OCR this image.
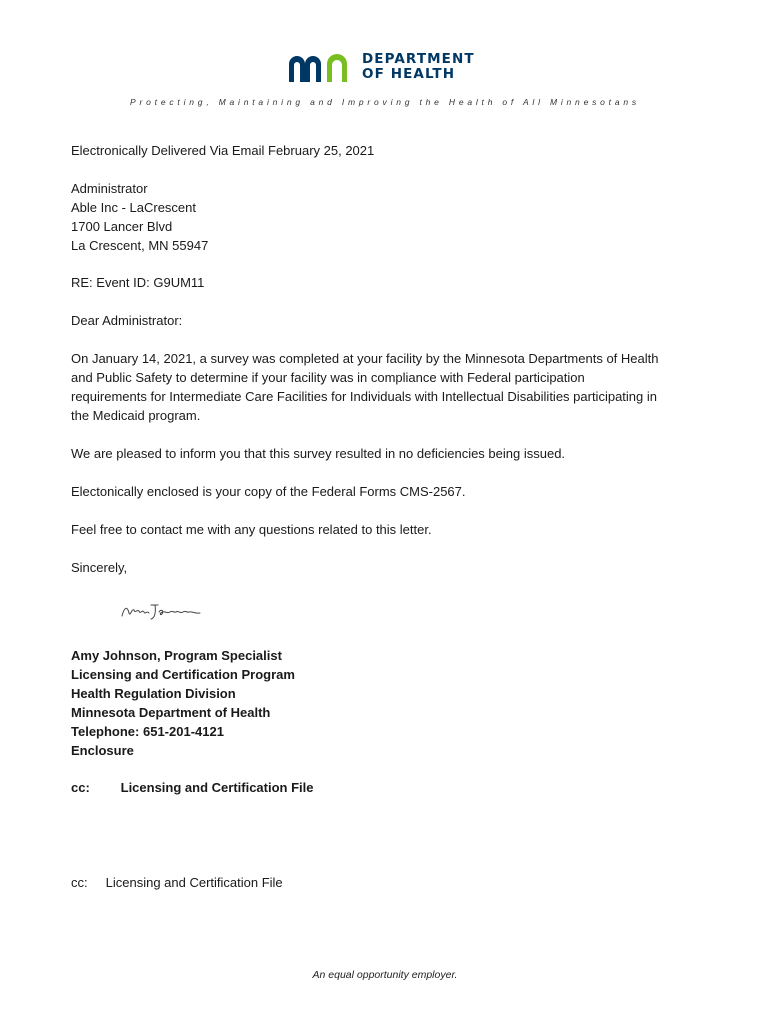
DEPARTMENT
OF HEALTH
Protecting, Maintaining and Improving the Health of All Minnesotans
Electronically Delivered Via Email February 25, 2021
Administrator
Able Inc - LaCrescent
1700 Lancer Blvd
La Crescent, MN 55947
RE: Event ID: G9UM11
Dear Administrator:
On January 14, 2021, a survey was completed at your facility by the Minnesota Departments of Health
and Public Safety to determine if your facility was in compliance with Federal participation
requirements for Intermediate Care Facilities for Individuals with Intellectual Disabilities participating in
the Medicaid program.
We are pleased to inform you that this survey resulted in no deficiencies being issued.
Electonically enclosed is your copy of the Federal Forms CMS-2567.
Feel free to contact me with any questions related to this letter.
Sincerely,
Amy Johnson, Program Specialist
Licensing and Certification Program
Health Regulation Division
Minnesota Department of Health
Telephone: 651-201-4121
Enclosure
cc: Licensing and Certification File
cc: Licensing and Certification File
An equal opportunity employer.
